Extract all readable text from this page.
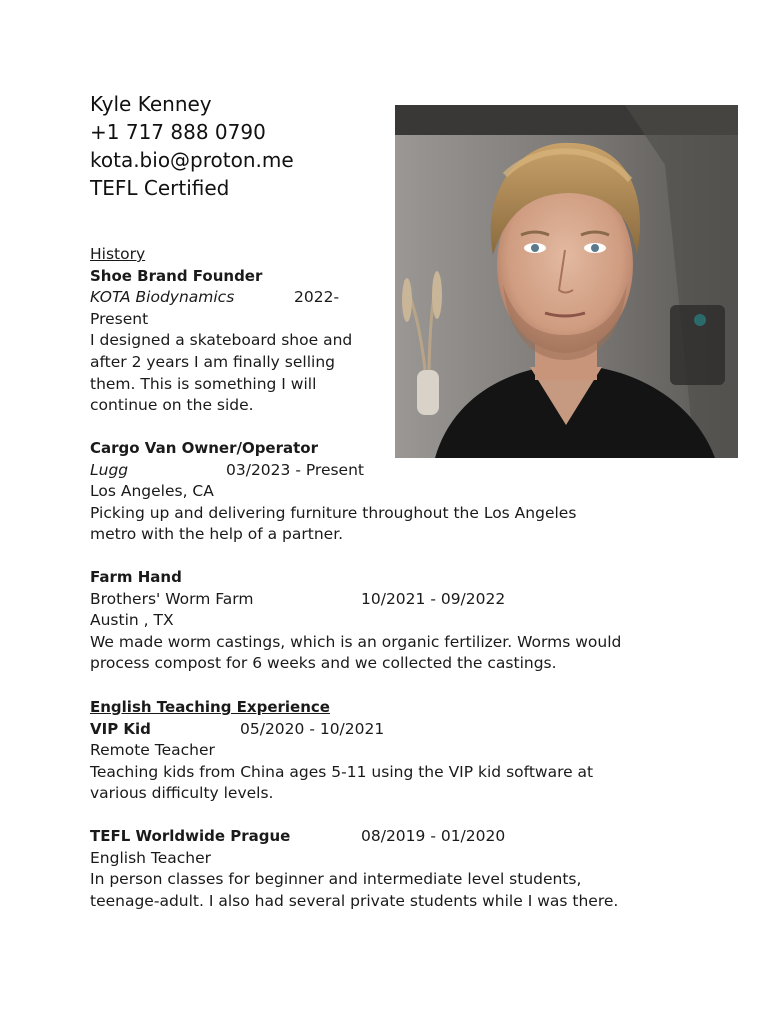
Kyle Kenney
+1 717 888 0790
kota.bio@proton.me
TEFL Certified
History
Shoe Brand Founder
KOTA Biodynamics	2022-
Present
I designed a skateboard shoe and
after 2 years I am finally selling
them. This is something I will
continue on the side.
Cargo Van Owner/Operator
Lugg	03/2023 - Present
Los Angeles, CA
Picking up and delivering furniture throughout the Los Angeles
metro with the help of a partner.
Farm Hand
Brothers' Worm Farm	10/2021 - 09/2022
Austin , TX
We made worm castings, which is an organic fertilizer. Worms would
process compost for 6 weeks and we collected the castings.
English Teaching Experience
VIP Kid	05/2020 - 10/2021
Remote Teacher
Teaching kids from China ages 5-11 using the VIP kid software at
various difficulty levels.
TEFL Worldwide Prague	08/2019 - 01/2020
English Teacher
In person classes for beginner and intermediate level students,
teenage-adult. I also had several private students while I was there.
